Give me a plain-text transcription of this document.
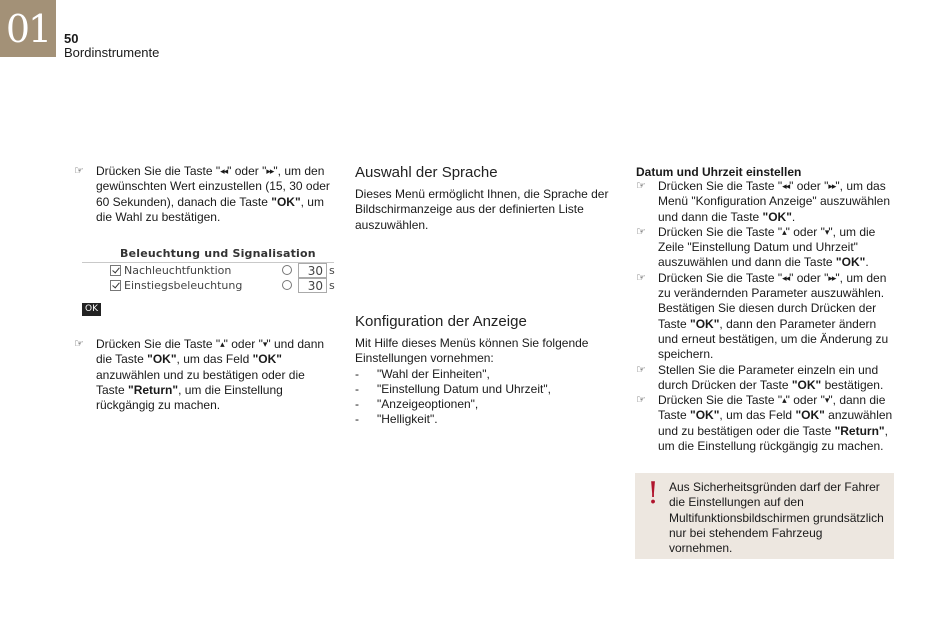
01 50
Bordinstrumente
☞ Drücken Sie die Taste "◂◂" oder "▸▸", um den gewünschten Wert einzustellen (15, 30 oder 60 Sekunden), danach die Taste "OK", um die Wahl zu bestätigen.
Beleuchtung und Signalisation
Nachleuchtfunktion	30 s
Einstiegsbeleuchtung	30 s
OK
☞ Drücken Sie die Taste "▴" oder "▾" und dann die Taste "OK", um das Feld "OK" anzuwählen und zu bestätigen oder die Taste "Return", um die Einstellung rückgängig zu machen.
Auswahl der Sprache

Dieses Menü ermöglicht Ihnen, die Sprache der Bildschirmanzeige aus der definierten Liste auszuwählen.

Konfiguration der Anzeige

Mit Hilfe dieses Menüs können Sie folgende Einstellungen vornehmen:

- "Wahl der Einheiten",
- "Einstellung Datum und Uhrzeit",
- "Anzeigeoptionen",
- "Helligkeit".
Datum und Uhrzeit einstellen
☞ Drücken Sie die Taste "◂◂" oder "▸▸", um das Menü "Konfiguration Anzeige" auszuwählen und dann die Taste "OK".
☞ Drücken Sie die Taste "▴" oder "▾", um die Zeile "Einstellung Datum und Uhrzeit" auszuwählen und dann die Taste "OK".
☞ Drücken Sie die Taste "◂◂" oder "▸▸", um den zu verändernden Parameter auszuwählen. Bestätigen Sie diesen durch Drücken der Taste "OK", dann den Parameter ändern und erneut bestätigen, um die Änderung zu speichern.
☞ Stellen Sie die Parameter einzeln ein und durch Drücken der Taste "OK" bestätigen.
☞ Drücken Sie die Taste "▴" oder "▾", dann die Taste "OK", um das Feld "OK" anzuwählen und zu bestätigen oder die Taste "Return", um die Einstellung rückgängig zu machen.
! Aus Sicherheitsgründen darf der Fahrer die Einstellungen auf den Multifunktionsbildschirmen grundsätzlich nur bei stehendem Fahrzeug vornehmen.
